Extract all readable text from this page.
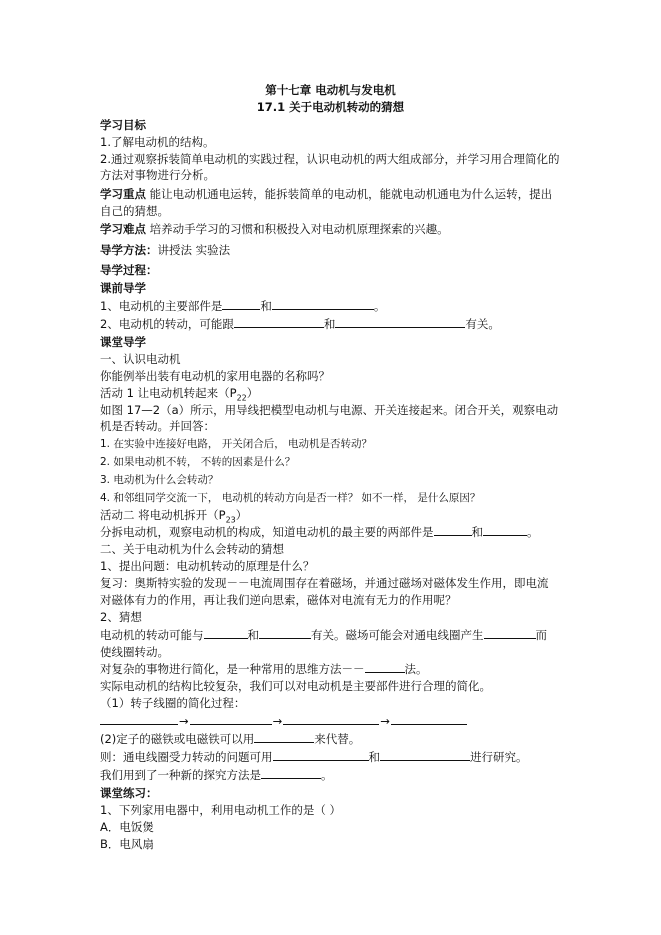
第十七章 电动机与发电机
17.1 关于电动机转动的猜想
学习目标
1.了解电动机的结构。
2.通过观察拆装简单电动机的实践过程，认识电动机的两大组成部分，并学习用合理简化的
方法对事物进行分析。
学习重点 能让电动机通电运转，能拆装简单的电动机，能就电动机通电为什么运转，提出
自己的猜想。
学习难点 培养动手学习的习惯和积极投入对电动机原理探索的兴趣。
导学方法：讲授法 实验法
导学过程：
课前导学
1、电动机的主要部件是	和	。
2、电动机的转动，可能跟	和	有关。
课堂导学
一、认识电动机
你能例举出装有电动机的家用电器的名称吗？
活动 1 让电动机转起来$(P_{22})$
如图 17—2（a）所示，用导线把模型电动机与电源、开关连接起来。闭合开关，观察电动
机是否转动。并回答：
1. 在实验中连接好电路， 开关闭合后， 电动机是否转动？
2. 如果电动机不转， 不转的因素是什么？
3. 电动机为什么会转动？
4. 和邻组同学交流一下， 电动机的转动方向是否一样？ 如不一样， 是什么原因？
活动二 将电动机拆开$(P_{23})$
分拆电动机，观察电动机的构成，知道电动机的最主要的两部件是	和	。
二、关于电动机为什么会转动的猜想
1、提出问题：电动机转动的原理是什么？
复习：奥斯特实验的发现－－电流周围存在着磁场，并通过磁场对磁体发生作用，即电流
对磁体有力的作用，再让我们逆向思索，磁体对电流有无力的作用呢？
2、猜想
电动机的转动可能与	和	有关。磁场可能会对通电线圈产生	而
使线圈转动。
对复杂的事物进行简化，是一种常用的思维方法－－	法。
实际电动机的结构比较复杂，我们可以对电动机是主要部件进行合理的简化。
（1）转子线圈的简化过程：
→	→	→
(2)定子的磁铁或电磁铁可以用	来代替。
则：通电线圈受力转动的问题可用	和	进行研究。
我们用到了一种新的探究方法是	。
课堂练习：
1、下列家用电器中，利用电动机工作的是（ ）
A．电饭煲
B．电风扇
